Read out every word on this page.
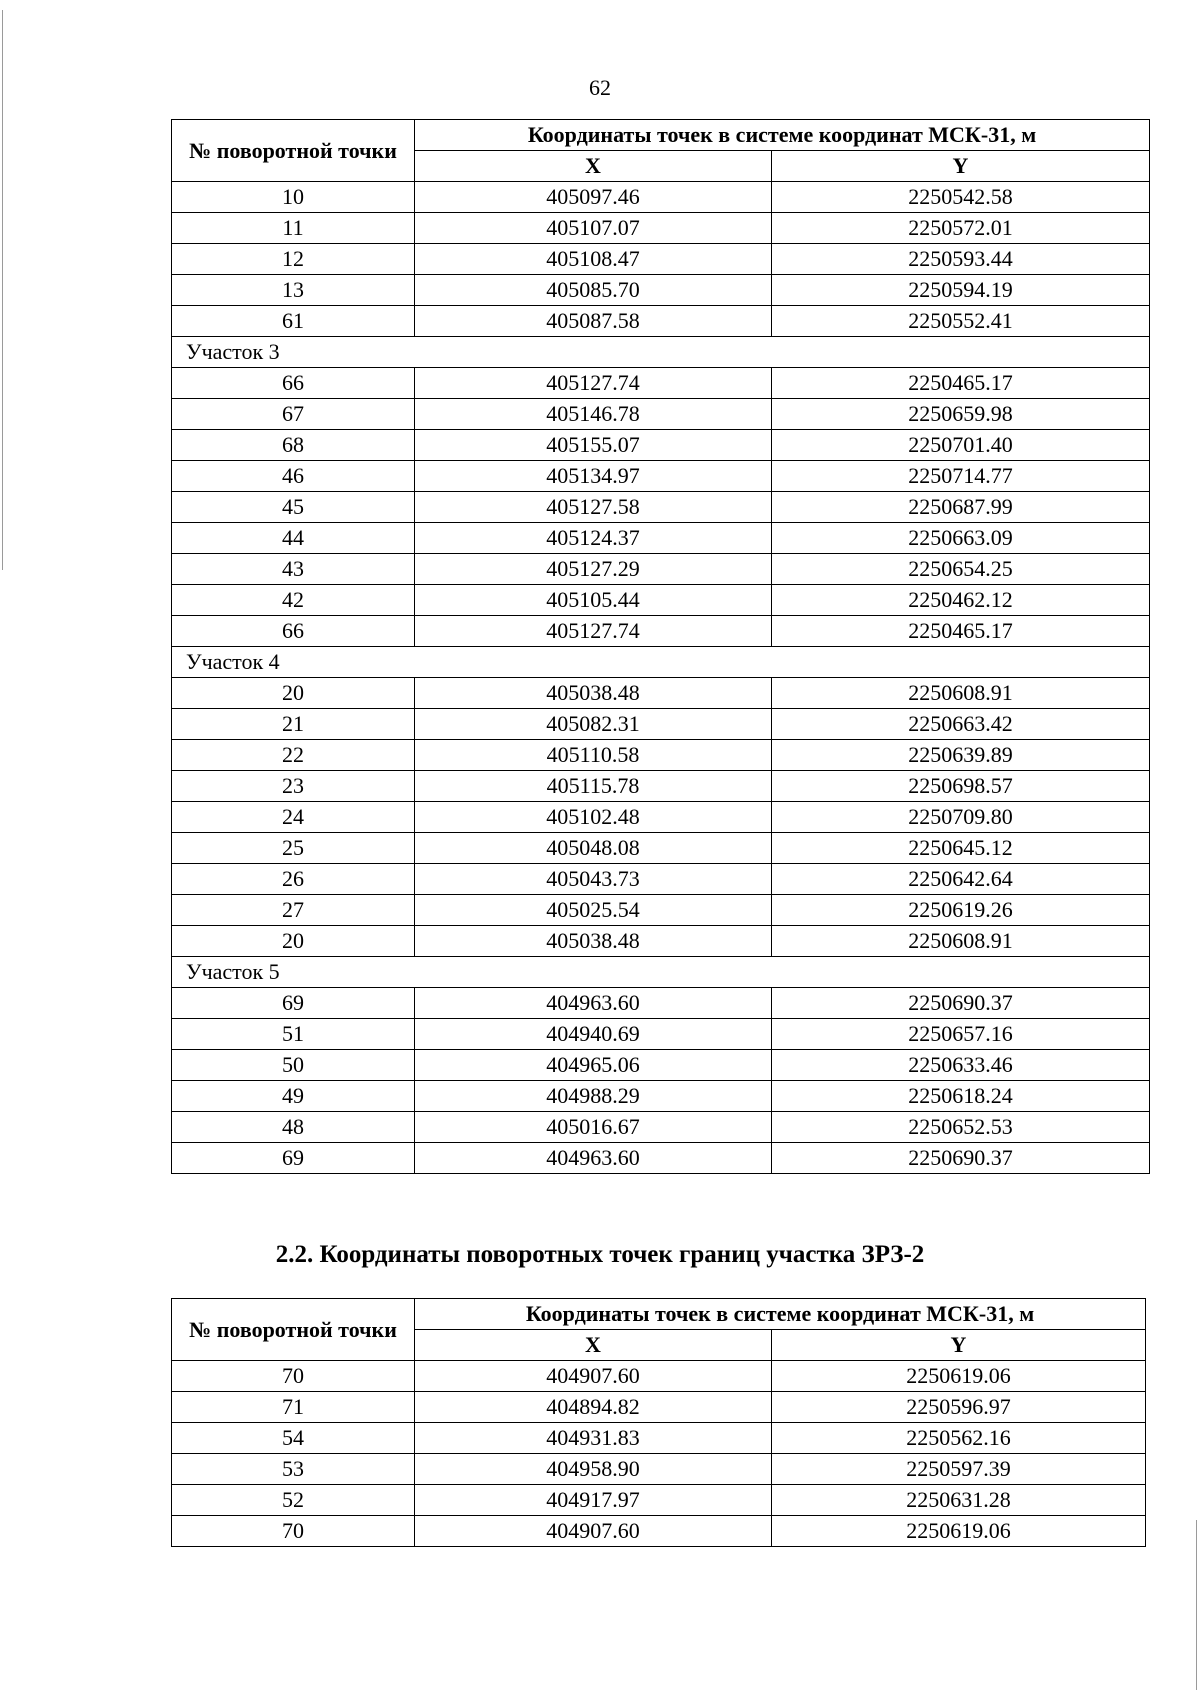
62
№ поворотной точки	Координаты точек в системе координат МСК-31, м	
	X	Y
10	405097.46	2250542.58
11	405107.07	2250572.01
12	405108.47	2250593.44
13	405085.70	2250594.19
61	405087.58	2250552.41
Участок 3		
66	405127.74	2250465.17
67	405146.78	2250659.98
68	405155.07	2250701.40
46	405134.97	2250714.77
45	405127.58	2250687.99
44	405124.37	2250663.09
43	405127.29	2250654.25
42	405105.44	2250462.12
66	405127.74	2250465.17
Участок 4		
20	405038.48	2250608.91
21	405082.31	2250663.42
22	405110.58	2250639.89
23	405115.78	2250698.57
24	405102.48	2250709.80
25	405048.08	2250645.12
26	405043.73	2250642.64
27	405025.54	2250619.26
20	405038.48	2250608.91
Участок 5		
69	404963.60	2250690.37
51	404940.69	2250657.16
50	404965.06	2250633.46
49	404988.29	2250618.24
48	405016.67	2250652.53
69	404963.60	2250690.37
2.2. Координаты поворотных точек границ участка ЗРЗ-2
№ поворотной точки	Координаты точек в системе координат МСК-31, м	
	X	Y
70	404907.60	2250619.06
71	404894.82	2250596.97
54	404931.83	2250562.16
53	404958.90	2250597.39
52	404917.97	2250631.28
70	404907.60	2250619.06
